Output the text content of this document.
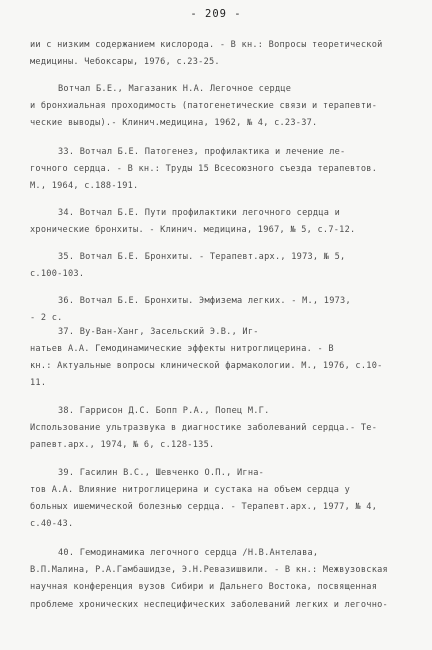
- 209 -
ии с низким содержанием кислорода. - В кн.: Вопросы теоретической
медицины. Чебоксары, 1976, с.23-25.
Вотчал Б.Е., Магазаник Н.А. Легочное сердце
и бронхиальная проходимость (патогенетические связи и терапевти-
ческие выводы).- Клинич.медицина, 1962, № 4, с.23-37.
33. Вотчал Б.Е. Патогенез, профилактика и лечение ле-
гочного сердца. - В кн.: Труды 15 Всесоюзного съезда терапевтов.
М., 1964, с.188-191.
34. Вотчал Б.Е. Пути профилактики легочного сердца и
хронические бронхиты. - Клинич. медицина, 1967, № 5, с.7-12.
35. Вотчал Б.Е. Бронхиты. - Терапевт.арх., 1973, № 5,
с.100-103.
36. Вотчал Б.Е. Бронхиты. Эмфизема легких. - М., 1973,
- 2 с.
37. Ву-Ван-Ханг, Засельский Э.В., Иг-
натьев А.А. Гемодинамические эффекты нитроглицерина. - В
кн.: Актуальные вопросы клинической фармакологии. М., 1976, с.10-
11.
38. Гаррисон Д.С. Бопп Р.А., Попец М.Г.
Использование ультразвука в диагностике заболеваний сердца.- Те-
рапевт.арх., 1974, № 6, с.128-135.
39. Гасилин В.С., Шевченко О.П., Игна-
тов А.А. Влияние нитроглицерина и сустака на объем сердца у
больных ишемической болезнью сердца. - Терапевт.арх., 1977, № 4,
с.40-43.
40. Гемодинамика легочного сердца /Н.В.Антелава,
В.П.Малина, Р.А.Гамбашидзе, Э.Н.Ревазишвили. - В кн.: Межвузовская
научная конференция вузов Сибири и Дальнего Востока, посвященная
проблеме хронических неспецифических заболеваний легких и легочно-
